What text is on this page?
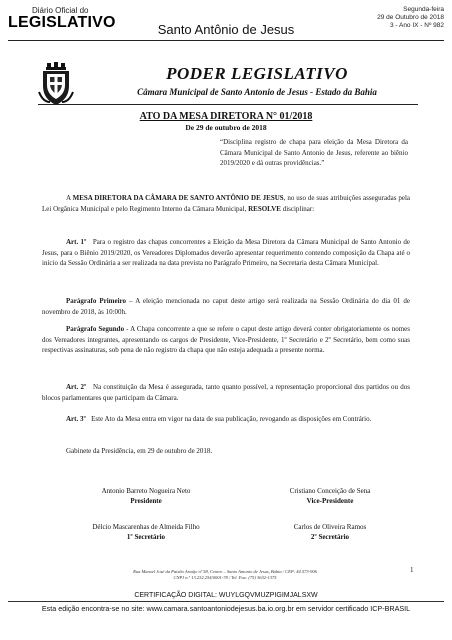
Diário Oficial do
LEGISLATIVO	Santo Antônio de Jesus
Segunda-feira
29 de Outubro de 2018
3 - Ano IX - Nº 982
PODER LEGISLATIVO
Câmara Municipal de Santo Antonio de Jesus - Estado da Bahia
ATO DA MESA DIRETORA N° 01/2018
De 29 de outubro de 2018
“Disciplina registro de chapa para eleição da Mesa Diretora da Câmara Municipal de Santo Antonio de Jesus, referente ao biênio 2019/2020 e dá outras providências.”
A MESA DIRETORA DA CÂMARA DE SANTO ANTÔNIO DE JESUS, no uso de suas atribuições asseguradas pela Lei Orgânica Municipal e pelo Regimento Interno da Câmara Municipal, RESOLVE disciplinar:
Art. 1º Para o registro das chapas concorrentes a Eleição da Mesa Diretora da Câmara Municipal de Santo Antonio de Jesus, para o Biênio 2019/2020, os Vereadores Diplomados deverão apresentar requerimento contendo composição da Chapa até o início da Sessão Ordinária a ser realizada na data prevista no Parágrafo Primeiro, na Secretaria desta Câmara Municipal.
Parágrafo Primeiro – A eleição mencionada no caput deste artigo será realizada na Sessão Ordinária do dia 01 de novembro de 2018, às 10:00h.
Parágrafo Segundo - A Chapa concorrente a que se refere o caput deste artigo deverá conter obrigatoriamente os nomes dos Vereadores integrantes, apresentando os cargos de Presidente, Vice-Presidente, 1º Secretário e 2º Secretário, bem como suas respectivas assinaturas, sob pena de não registro da chapa que não esteja adequada a presente norma.
Art. 2º Na constituição da Mesa é assegurada, tanto quanto possível, a representação proporcional dos partidos ou dos blocos parlamentares que participam da Câmara.
Art. 3º Este Ato da Mesa entra em vigor na data de sua publicação, revogando as disposições em Contrário.
Gabinete da Presidência, em 29 de outubro de 2018.
Antonio Barreto Nogueira Neto
Presidente
Cristiano Conceição de Sena
Vice-Presidente
Délcio Mascarenhas de Almeida Filho
1º Secretário
Carlos de Oliveira Ramos
2º Secretário
Rua Manoel José da Paixão Araújo nº 58, Centro – Santo Antonio de Jesus, Bahia / CEP: 44.573-906
CNPJ n.º 13.232.254/0001-78 / Tel. Fax: (75) 3632-1375
1
CERTIFICAÇÃO DIGITAL: WUYLGQVMUZPIGIMJALSXW
Esta edição encontra-se no site: www.camara.santoantoniodejesus.ba.io.org.br em servidor certificado ICP-BRASIL
